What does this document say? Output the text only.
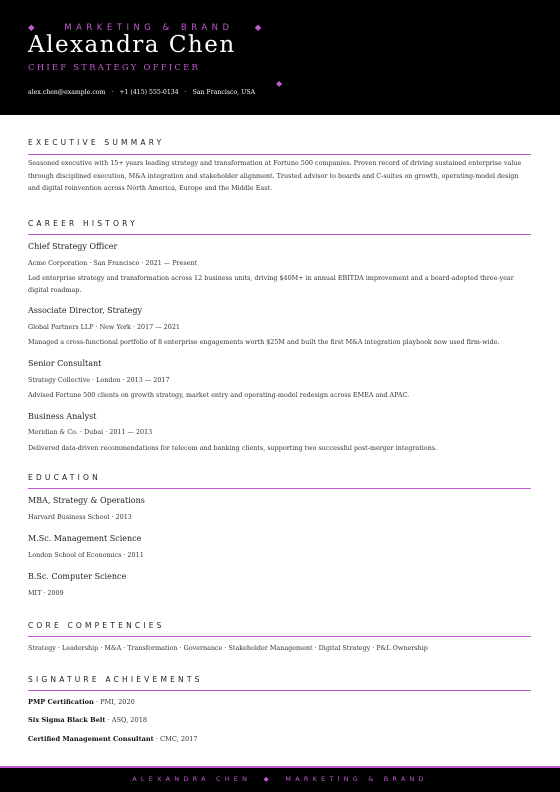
◆	MARKETING & BRAND ◆
Alexandra Chen
CHIEF STRATEGY OFFICER
◆
alex.chen@example.com · +1 (415) 555-0134 · San Francisco, USA
EXECUTIVE SUMMARY
Seasoned executive with 15+ years leading strategy and transformation at Fortune 500 companies. Proven record of driving sustained enterprise value through disciplined execution, M&A integration and stakeholder alignment. Trusted advisor to boards and C-suites on growth, operating-model design and digital reinvention across North America, Europe and the Middle East.
CAREER HISTORY
Chief Strategy Officer
Acme Corporation · San Francisco · 2021 — Present
Led enterprise strategy and transformation across 12 business units, driving $40M+ in annual EBITDA improvement and a board-adopted three-year digital roadmap.
Associate Director, Strategy
Global Partners LLP · New York · 2017 — 2021
Managed a cross-functional portfolio of 8 enterprise engagements worth $25M and built the first M&A integration playbook now used firm-wide.
Senior Consultant
Strategy Collective · London · 2013 — 2017
Advised Fortune 500 clients on growth strategy, market entry and operating-model redesign across EMEA and APAC.
Business Analyst
Meridian & Co. · Dubai · 2011 — 2013
Delivered data-driven recommendations for telecom and banking clients, supporting two successful post-merger integrations.
EDUCATION
MBA, Strategy & Operations
Harvard Business School · 2013
M.Sc. Management Science
London School of Economics · 2011
B.Sc. Computer Science
MIT · 2009
CORE COMPETENCIES
Strategy · Leadership · M&A · Transformation · Governance · Stakeholder Management · Digital Strategy · P&L Ownership
SIGNATURE ACHIEVEMENTS
PMP Certification · PMI, 2020
Six Sigma Black Belt · ASQ, 2018
Certified Management Consultant · CMC, 2017
ALEXANDRA CHEN  ◆  MARKETING & BRAND
